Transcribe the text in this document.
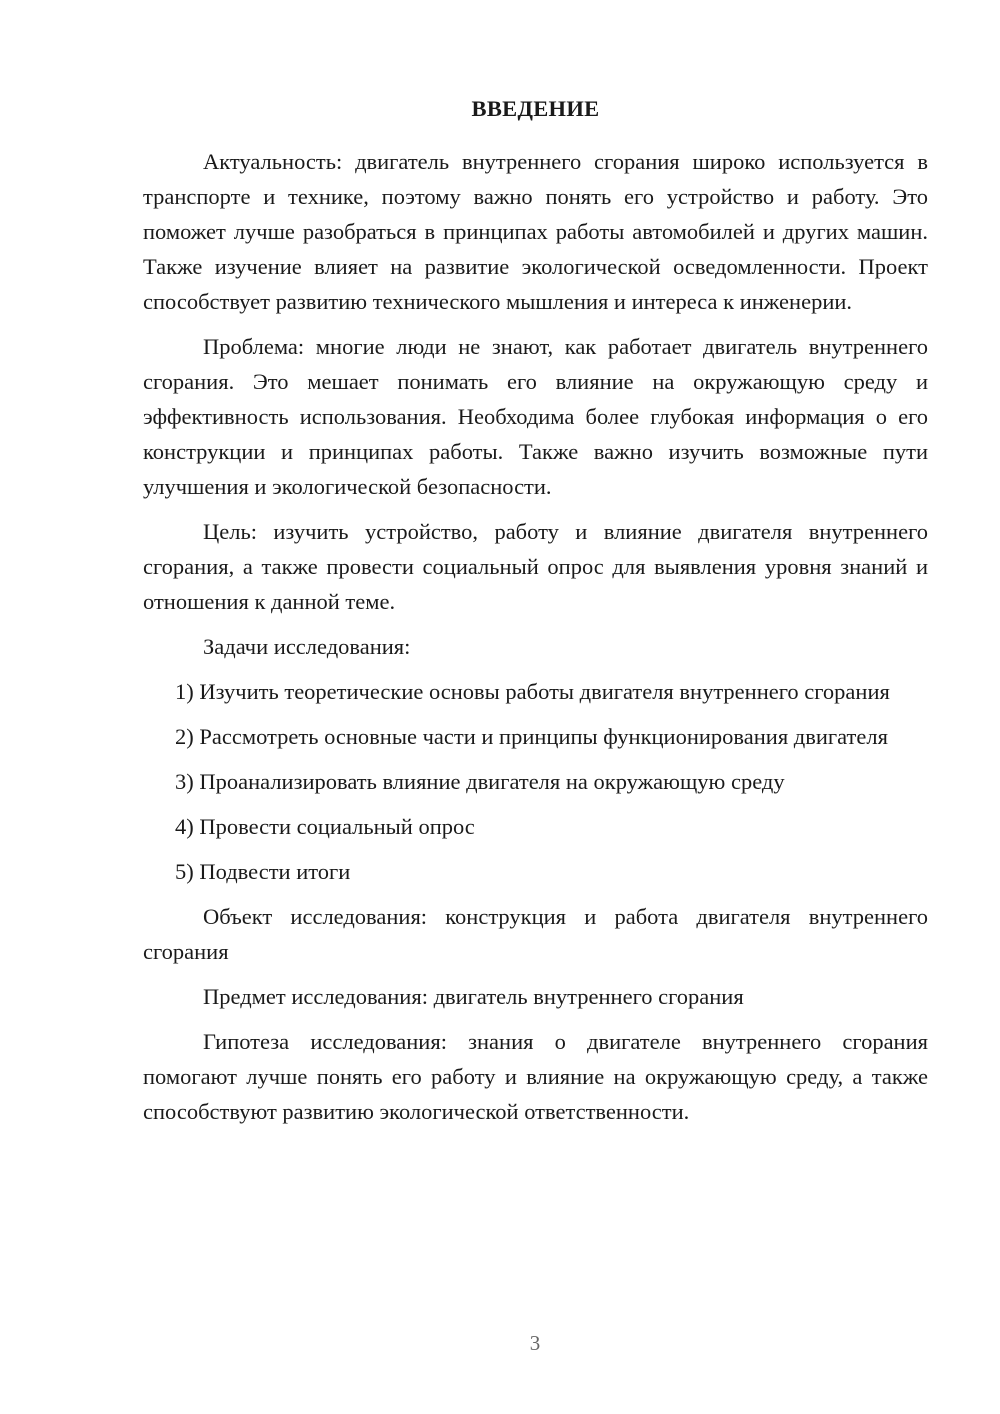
ВВЕДЕНИЕ

Актуальность: двигатель внутреннего сгорания широко используется в транспорте и технике, поэтому важно понять его устройство и работу. Это поможет лучше разобраться в принципах работы автомобилей и других машин. Также изучение влияет на развитие экологической осведомленности. Проект способствует развитию технического мышления и интереса к инженерии.

Проблема: многие люди не знают, как работает двигатель внутреннего сгорания. Это мешает понимать его влияние на окружающую среду и эффективность использования. Необходима более глубокая информация о его конструкции и принципах работы. Также важно изучить возможные пути улучшения и экологической безопасности.

Цель: изучить устройство, работу и влияние двигателя внутреннего сгорания, а также провести социальный опрос для выявления уровня знаний и отношения к данной теме.

Задачи исследования:

1) Изучить теоретические основы работы двигателя внутреннего сгорания

2) Рассмотреть основные части и принципы функционирования двигателя

3) Проанализировать влияние двигателя на окружающую среду

4) Провести социальный опрос

5) Подвести итоги

Объект исследования: конструкция и работа двигателя внутреннего сгорания

Предмет исследования: двигатель внутреннего сгорания

Гипотеза исследования: знания о двигателе внутреннего сгорания помогают лучше понять его работу и влияние на окружающую среду, а также способствуют развитию экологической ответственности.

3
